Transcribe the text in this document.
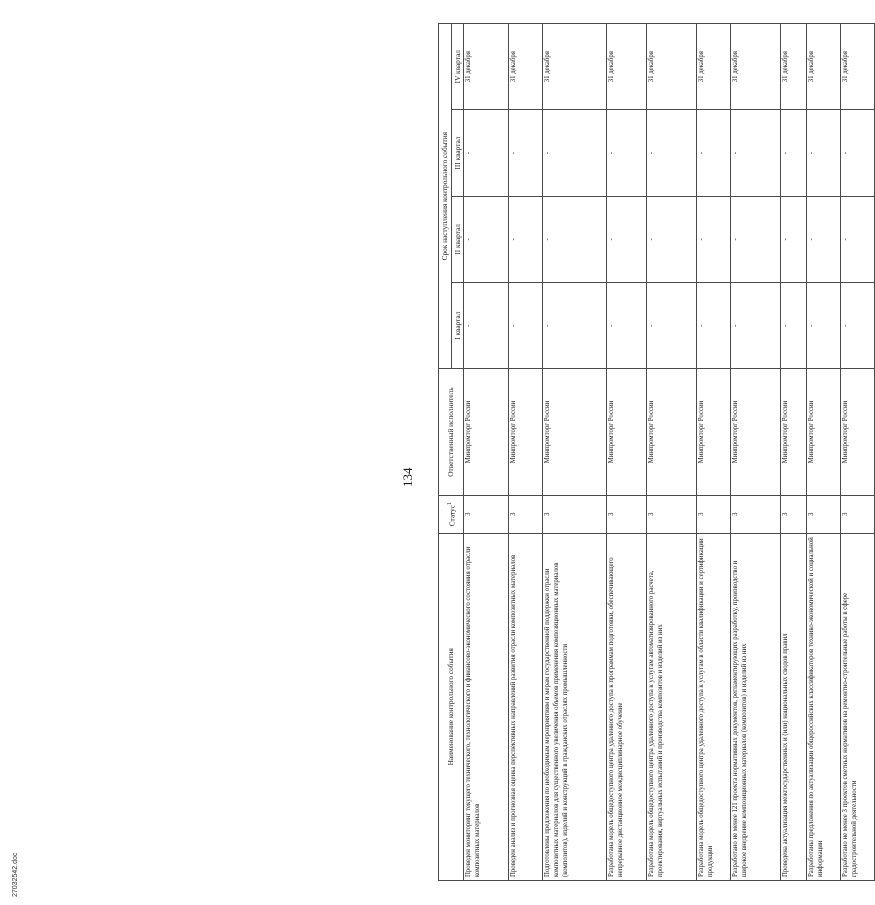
134
Наименование контрольного события	Статус$^1$	Ответственный исполнитель	Срок наступления контрольного события			
			I квартал	II квартал	III квартал	IV квартал
Проведен мониторинг текущего технического, технологического и финансово-экономического состояния отрасли композитных материалов	3	Минпромторг России	-	-	-	31 декабря
Проведен анализ и прогнозная оценка перспективных направлений развития отрасли композитных материалов	3	Минпромторг России	-	-	-	31 декабря
Подготовлены предложения по необходимым мероприятиям и мерам государственной поддержки отрасли композитных материалов для существенного увеличения объемов применения композиционных материалов (композитов), изделий и конструкций в гражданских отраслях промышленности	3	Минпромторг России	-	-	-	31 декабря
Разработана модель общедоступного центра удаленного доступа к программам подготовки, обеспечивающего непрерывное дистанционное междисциплинарное обучение	3	Минпромторг России	-	-	-	31 декабря
Разработана модель общедоступного центра удаленного доступа к услугам автоматизированного расчета, проектирования, виртуальных испытаний и производства композитов и изделий из них	3	Минпромторг России	-	-	-	31 декабря
Разработана модель общедоступного центра удаленного доступа к услугам в области квалификации и сертификации продукции	3	Минпромторг России	-	-	-	31 декабря
Разработано не менее 121 проекта нормативных документов, регламентирующих разработку, производство и широкое внедрение композиционных материалов (композитов) и изделий из них	3	Минпромторг России	-	-	-	31 декабря
Проведена актуализация межгосударственных и (или) национальных сводов правил	3	Минпромторг России	-	-	-	31 декабря
Разработаны предложения по актуализации общероссийских классификаторов технико-экономической и социальной информации	3	Минпромторг России	-	-	-	31 декабря
Разработано не менее 3 проектов сметных нормативов на ремонтно-строительные работы в сфере градостроительной деятельности	3	Минпромторг России	-	-	-	31 декабря
27032542.doc
